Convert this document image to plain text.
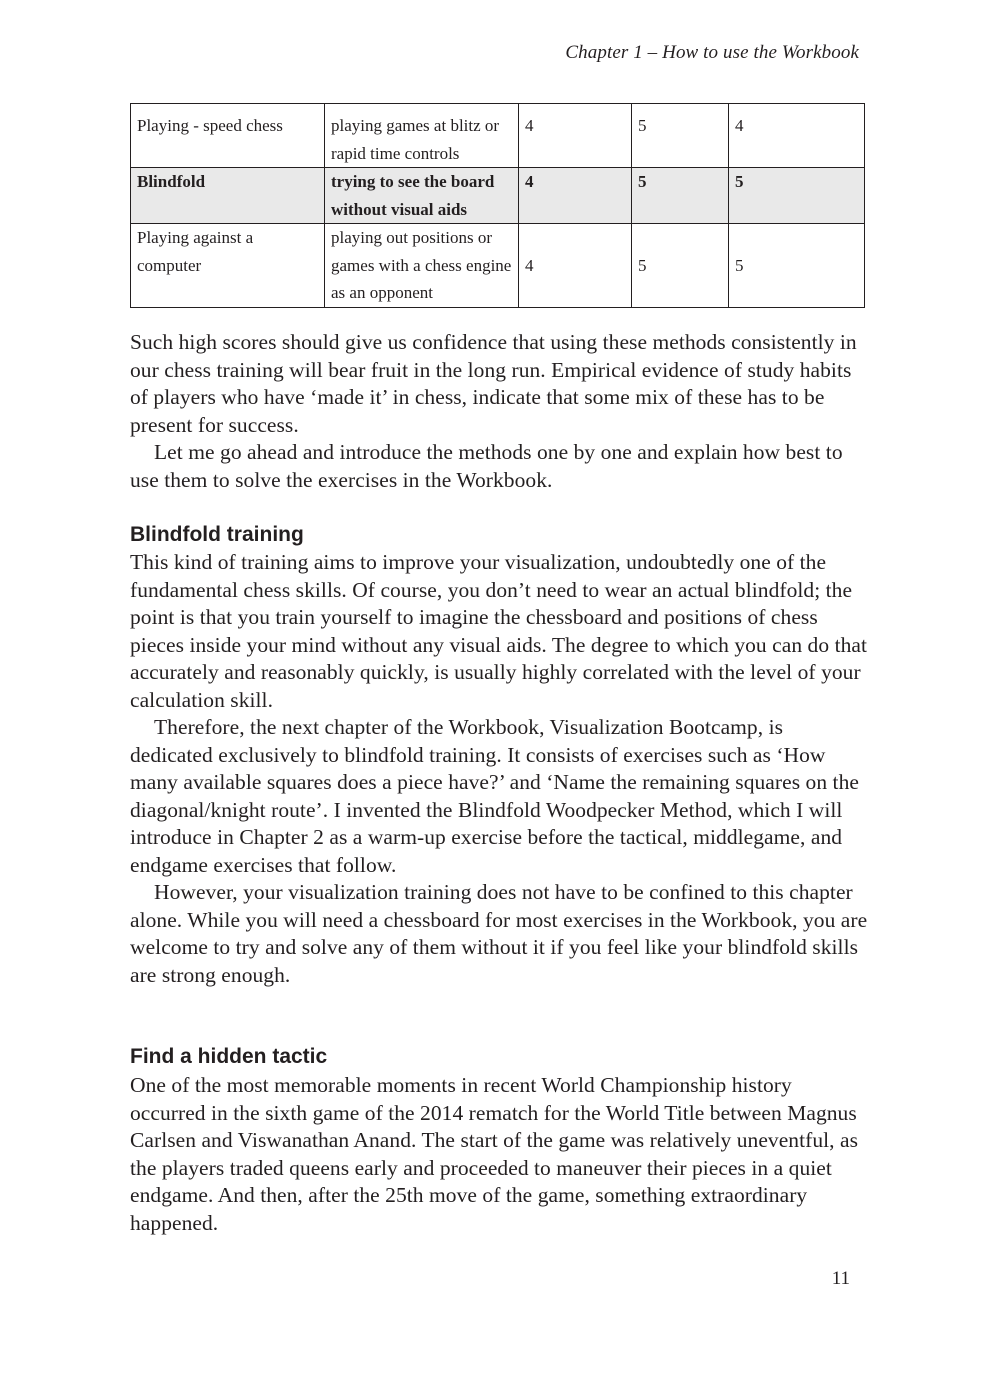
Chapter 1 – How to use the Workbook
Playing - speed chess	playing games at blitz or rapid time controls	4	5	4
Blindfold	trying to see the board without visual aids	4	5	5
Playing against a computer	playing out positions or games with a chess engine as an opponent	4	5	5

Such high scores should give us confidence that using these methods consistently in our chess training will bear fruit in the long run. Empirical evidence of study habits of players who have ‘made it’ in chess, indicate that some mix of these has to be present for success.

Let me go ahead and introduce the methods one by one and explain how best to use them to solve the exercises in the Workbook.

Blindfold training

This kind of training aims to improve your visualization, undoubtedly one of the fundamental chess skills. Of course, you don’t need to wear an actual blindfold; the point is that you train yourself to imagine the chessboard and positions of chess pieces inside your mind without any visual aids. The degree to which you can do that accurately and reasonably quickly, is usually highly correlated with the level of your calculation skill.

Therefore, the next chapter of the Workbook, Visualization Bootcamp, is dedicated exclusively to blindfold training. It consists of exercises such as ‘How many available squares does a piece have?’ and ‘Name the remaining squares on the diagonal/knight route’. I invented the Blindfold Woodpecker Method, which I will introduce in Chapter 2 as a warm-up exercise before the tactical, middlegame, and endgame exercises that follow.

However, your visualization training does not have to be confined to this chapter alone. While you will need a chessboard for most exercises in the Workbook, you are welcome to try and solve any of them without it if you feel like your blindfold skills are strong enough.

Find a hidden tactic

One of the most memorable moments in recent World Championship history occurred in the sixth game of the 2014 rematch for the World Title between Magnus Carlsen and Viswanathan Anand. The start of the game was relatively uneventful, as the players traded queens early and proceeded to maneuver their pieces in a quiet endgame. And then, after the 25th move of the game, something extraordinary happened.

11
